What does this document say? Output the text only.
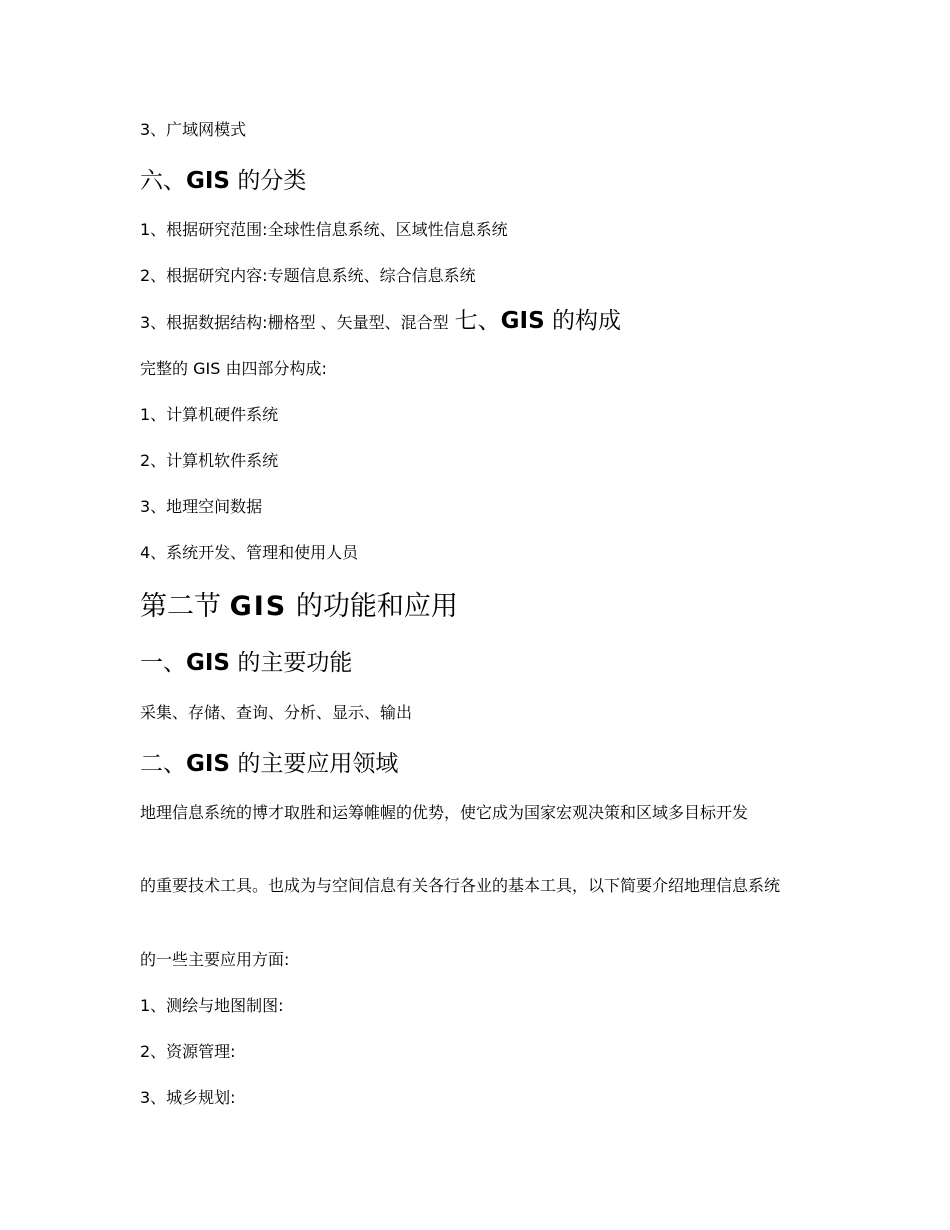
3、广域网模式
六、GIS 的分类
1、根据研究范围:全球性信息系统、区域性信息系统
2、根据研究内容:专题信息系统、综合信息系统
3、根据数据结构:栅格型 、矢量型、混合型 七、GIS 的构成
完整的 GIS 由四部分构成:
1、计算机硬件系统
2、计算机软件系统
3、地理空间数据
4、系统开发、管理和使用人员
第二节 GIS 的功能和应用
一、GIS 的主要功能
采集、存储、查询、分析、显示、输出
二、GIS 的主要应用领域
地理信息系统的博才取胜和运筹帷幄的优势，使它成为国家宏观决策和区域多目标开发
的重要技术工具。也成为与空间信息有关各行各业的基本工具，以下简要介绍地理信息系统
的一些主要应用方面:
1、测绘与地图制图:
2、资源管理:
3、城乡规划:
